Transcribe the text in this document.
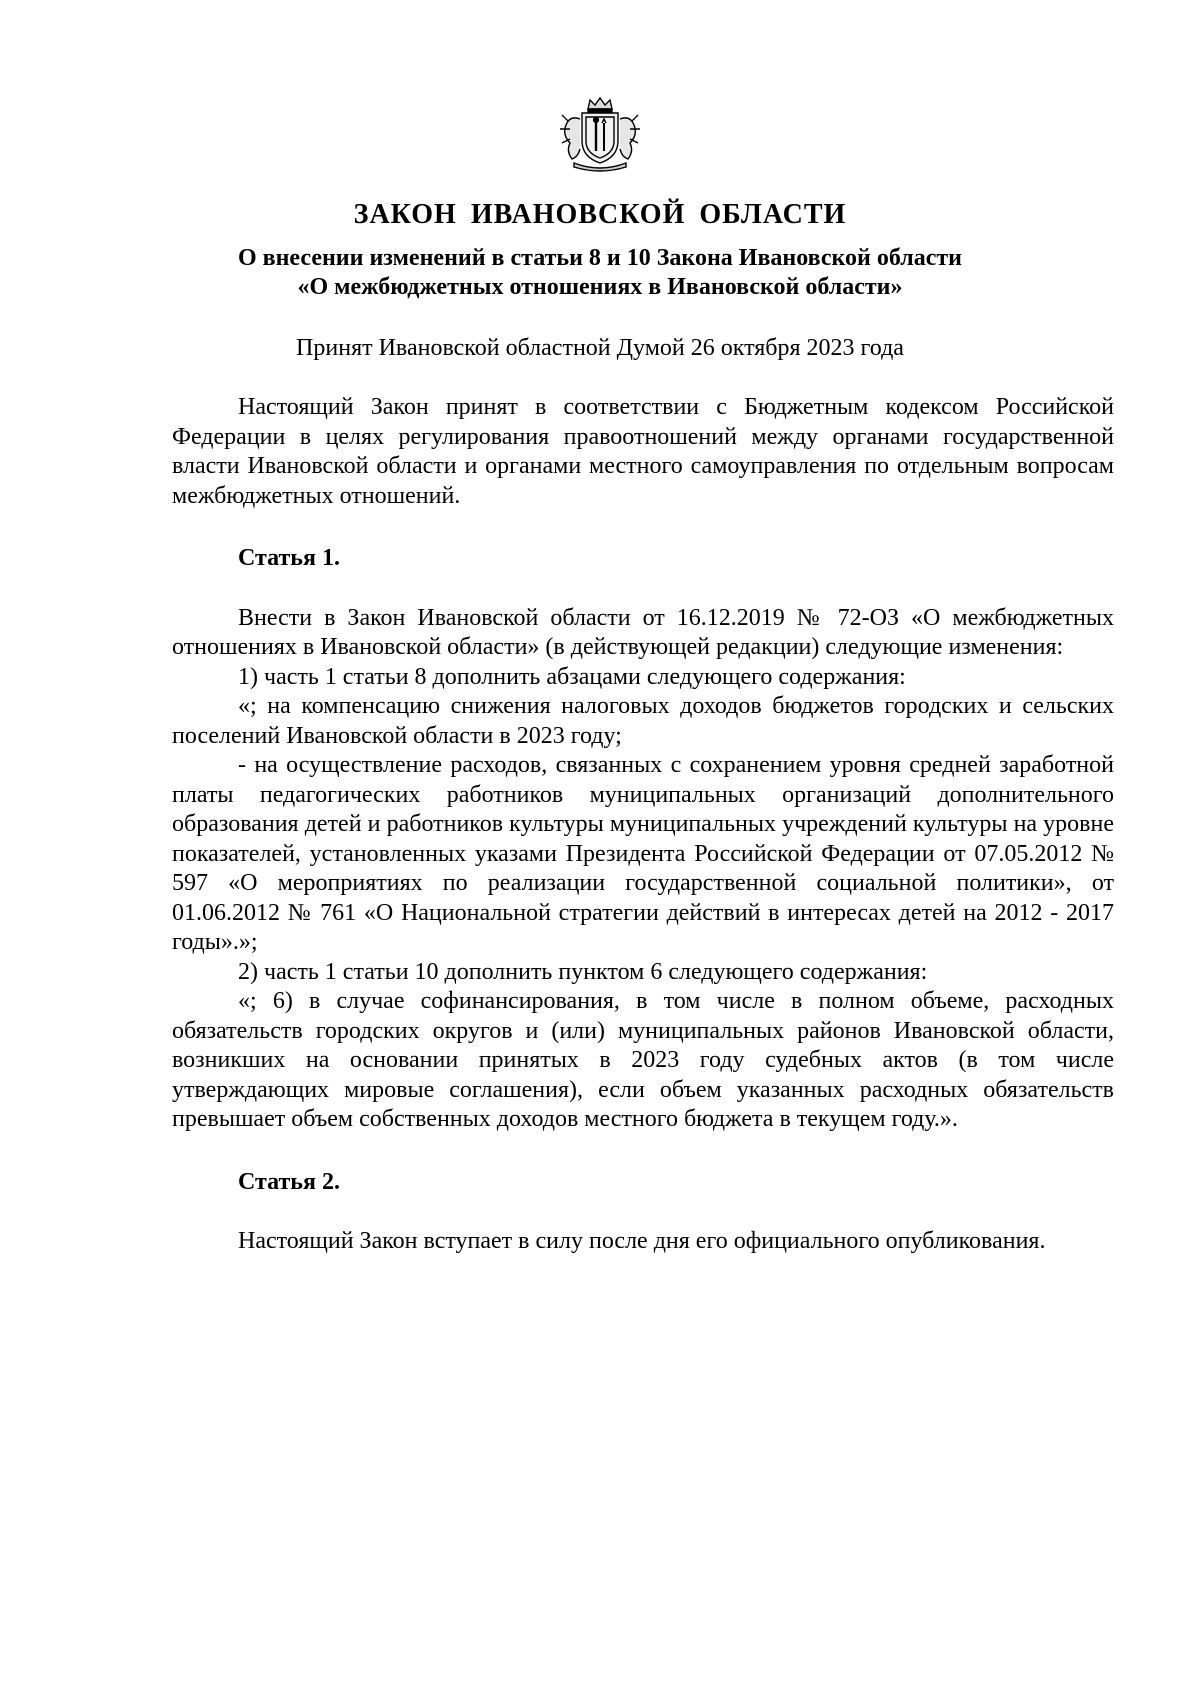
ЗАКОН ИВАНОВСКОЙ ОБЛАСТИ
О внесении изменений в статьи 8 и 10 Закона Ивановской области
«О межбюджетных отношениях в Ивановской области»
Принят Ивановской областной Думой 26 октября 2023 года

Настоящий Закон принят в соответствии с Бюджетным кодексом Российской Федерации в целях регулирования правоотношений между органами государственной власти Ивановской области и органами местного самоуправления по отдельным вопросам межбюджетных отношений.

Статья 1.

Внести в Закон Ивановской области от 16.12.2019 № 72-ОЗ «О межбюджетных отношениях в Ивановской области» (в действующей редакции) следующие изменения:

1) часть 1 статьи 8 дополнить абзацами следующего содержания:

«; на компенсацию снижения налоговых доходов бюджетов городских и сельских поселений Ивановской области в 2023 году;

- на осуществление расходов, связанных с сохранением уровня средней заработной платы педагогических работников муниципальных организаций дополнительного образования детей и работников культуры муниципальных учреждений культуры на уровне показателей, установленных указами Президента Российской Федерации от 07.05.2012 № 597 «О мероприятиях по реализации государственной социальной политики», от 01.06.2012 № 761 «О Национальной стратегии действий в интересах детей на 2012 - 2017 годы».»;

2) часть 1 статьи 10 дополнить пунктом 6 следующего содержания:

«; 6) в случае софинансирования, в том числе в полном объеме, расходных обязательств городских округов и (или) муниципальных районов Ивановской области, возникших на основании принятых в 2023 году судебных актов (в том числе утверждающих мировые соглашения), если объем указанных расходных обязательств превышает объем собственных доходов местного бюджета в текущем году.».

Статья 2.

Настоящий Закон вступает в силу после дня его официального опубликования.
